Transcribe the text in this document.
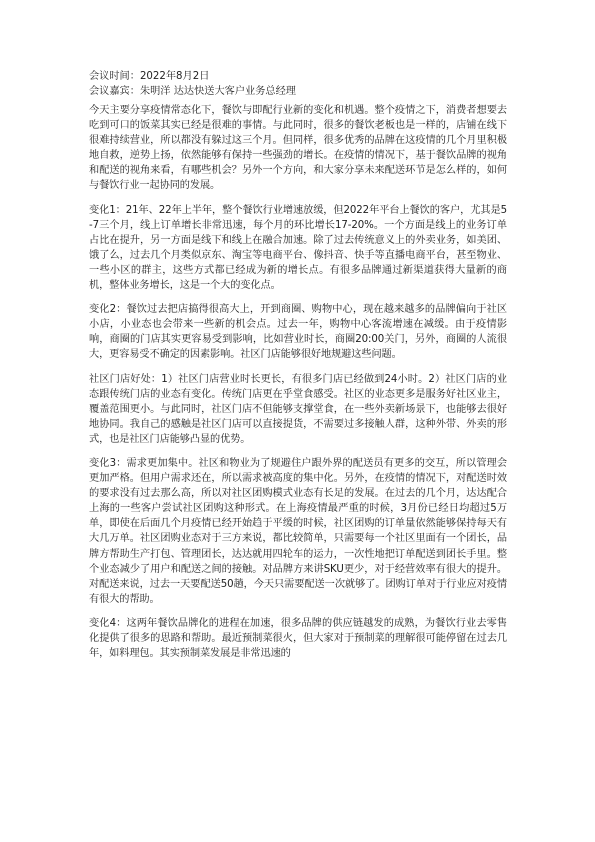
会议时间：2022年8月2日
会议嘉宾：朱明洋 达达快送大客户业务总经理

今天主要分享疫情常态化下，餐饮与即配行业新的变化和机遇。整个疫情之下，消费者想要去吃到可口的饭菜其实已经是很难的事情。与此同时，很多的餐饮老板也是一样的，店铺在线下很难持续营业，所以都没有躲过这三个月。但同样，很多优秀的品牌在这疫情的几个月里积极地自救，逆势上扬，依然能够有保持一些强劲的增长。在疫情的情况下，基于餐饮品牌的视角和配送的视角来看，有哪些机会？另外一个方向，和大家分享未来配送环节是怎么样的，如何与餐饮行业一起协同的发展。

变化1：21年、22年上半年，整个餐饮行业增速放缓，但2022年平台上餐饮的客户，尤其是5-7三个月，线上订单增长非常迅速，每个月的环比增长17-20%。一个方面是线上的业务订单占比在提升，另一方面是线下和线上在融合加速。除了过去传统意义上的外卖业务，如美团、饿了么，过去几个月类似京东、淘宝等电商平台、像抖音、快手等直播电商平台，甚至物业、一些小区的群主，这些方式都已经成为新的增长点。有很多品牌通过新渠道获得大量新的商机，整体业务增长，这是一个大的变化点。

变化2：餐饮过去把店搞得很高大上，开到商圈、购物中心，现在越来越多的品牌偏向于社区小店，小业态也会带来一些新的机会点。过去一年，购物中心客流增速在减缓。由于疫情影响，商圈的门店其实更容易受到影响，比如营业时长，商圈20:00关门，另外，商圈的人流很大，更容易受不确定的因素影响。社区门店能够很好地规避这些问题。

社区门店好处：1）社区门店营业时长更长，有很多门店已经做到24小时。2）社区门店的业态跟传统门店的业态有变化。传统门店更在乎堂食感受。社区的业态更多是服务好社区业主，覆盖范围更小。与此同时，社区门店不但能够支撑堂食，在一些外卖新场景下，也能够去很好地协同。我自己的感触是社区门店可以直接提货，不需要过多接触人群，这种外带、外卖的形式，也是社区门店能够凸显的优势。

变化3：需求更加集中。社区和物业为了规避住户跟外界的配送员有更多的交互，所以管理会更加严格。但用户需求还在，所以需求被高度的集中化。另外，在疫情的情况下，对配送时效的要求没有过去那么高，所以对社区团购模式业态有长足的发展。在过去的几个月，达达配合上海的一些客户尝试社区团购这种形式。在上海疫情最严重的时候，3月份已经日均超过5万单，即使在后面几个月疫情已经开始趋于平缓的时候，社区团购的订单量依然能够保持每天有大几万单。社区团购业态对于三方来说，都比较简单，只需要每一个社区里面有一个团长，品牌方帮助生产打包、管理团长，达达就用四轮车的运力，一次性地把订单配送到团长手里。整个业态减少了用户和配送之间的接触。对品牌方来讲SKU更少，对于经营效率有很大的提升。对配送来说，过去一天要配送50趟，今天只需要配送一次就够了。团购订单对于行业应对疫情有很大的帮助。

变化4：这两年餐饮品牌化的进程在加速，很多品牌的供应链越发的成熟，为餐饮行业去零售化提供了很多的思路和帮助。最近预制菜很火，但大家对于预制菜的理解很可能停留在过去几年，如料理包。其实预制菜发展是非常迅速的
